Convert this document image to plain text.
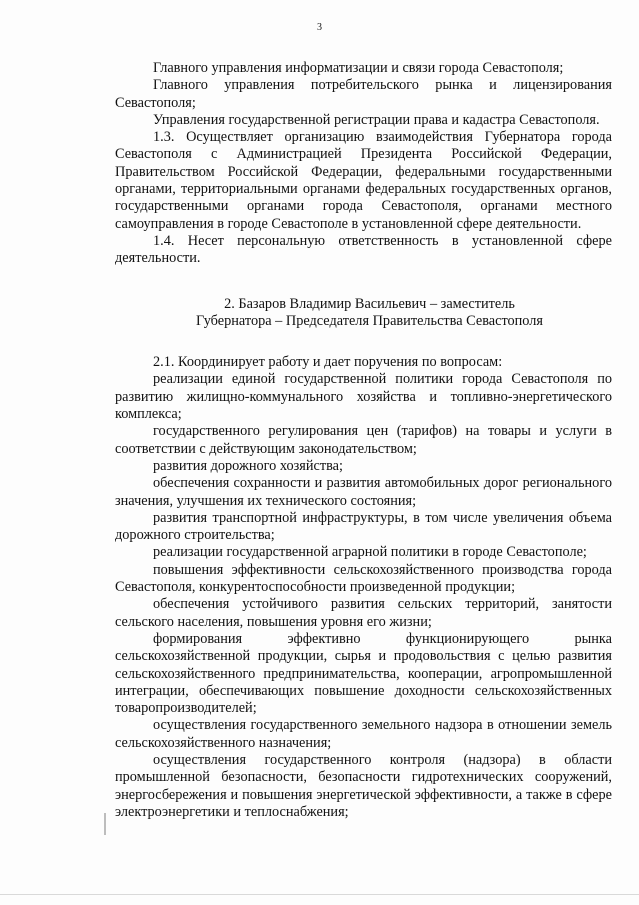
3

Главного управления информатизации и связи города Севастополя;

Главного управления потребительского рынка и лицензирования Севастополя;

Управления государственной регистрации права и кадастра Севастополя.

1.3. Осуществляет организацию взаимодействия Губернатора города Севастополя с Администрацией Президента Российской Федерации, Правительством Российской Федерации, федеральными государственными органами, территориальными органами федеральных государственных органов, государственными органами города Севастополя, органами местного самоуправления в городе Севастополе в установленной сфере деятельности.

1.4. Несет персональную ответственность в установленной сфере деятельности.

2. Базаров Владимир Васильевич – заместитель

Губернатора – Председателя Правительства Севастополя

2.1. Координирует работу и дает поручения по вопросам:

реализации единой государственной политики города Севастополя по развитию жилищно-коммунального хозяйства и топливно-энергетического комплекса;

государственного регулирования цен (тарифов) на товары и услуги в соответствии с действующим законодательством;

развития дорожного хозяйства;

обеспечения сохранности и развития автомобильных дорог регионального значения, улучшения их технического состояния;

развития транспортной инфраструктуры, в том числе увеличения объема дорожного строительства;

реализации государственной аграрной политики в городе Севастополе;

повышения эффективности сельскохозяйственного производства города Севастополя, конкурентоспособности произведенной продукции;

обеспечения устойчивого развития сельских территорий, занятости сельского населения, повышения уровня его жизни;

формирования эффективно функционирующего рынка сельскохозяйственной продукции, сырья и продовольствия с целью развития сельскохозяйственного предпринимательства, кооперации, агропромышленной интеграции, обеспечивающих повышение доходности сельскохозяйственных товаропроизводителей;

осуществления государственного земельного надзора в отношении земель сельскохозяйственного назначения;

осуществления государственного контроля (надзора) в области промышленной безопасности, безопасности гидротехнических сооружений, энергосбережения и повышения энергетической эффективности, а также в сфере электроэнергетики и теплоснабжения;
